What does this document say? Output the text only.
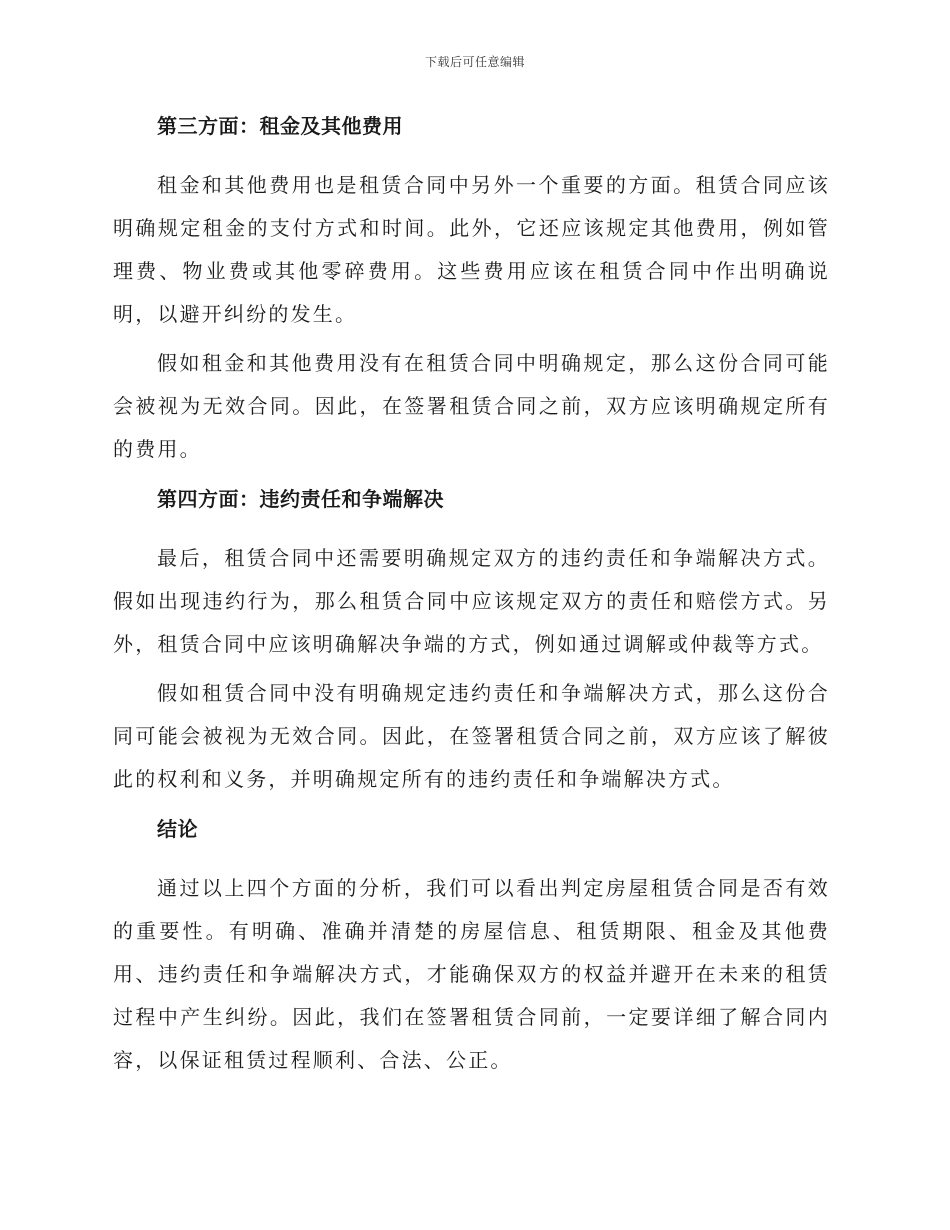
下载后可任意编辑
第三方面：租金及其他费用

租金和其他费用也是租赁合同中另外一个重要的方面。租赁合同应该明确规定租金的支付方式和时间。此外，它还应该规定其他费用，例如管理费、物业费或其他零碎费用。这些费用应该在租赁合同中作出明确说明，以避开纠纷的发生。

假如租金和其他费用没有在租赁合同中明确规定，那么这份合同可能会被视为无效合同。因此，在签署租赁合同之前，双方应该明确规定所有的费用。

第四方面：违约责任和争端解决

最后，租赁合同中还需要明确规定双方的违约责任和争端解决方式。假如出现违约行为，那么租赁合同中应该规定双方的责任和赔偿方式。另外，租赁合同中应该明确解决争端的方式，例如通过调解或仲裁等方式。

假如租赁合同中没有明确规定违约责任和争端解决方式，那么这份合同可能会被视为无效合同。因此，在签署租赁合同之前，双方应该了解彼此的权利和义务，并明确规定所有的违约责任和争端解决方式。

结论

通过以上四个方面的分析，我们可以看出判定房屋租赁合同是否有效的重要性。有明确、准确并清楚的房屋信息、租赁期限、租金及其他费用、违约责任和争端解决方式，才能确保双方的权益并避开在未来的租赁过程中产生纠纷。因此，我们在签署租赁合同前，一定要详细了解合同内容，以保证租赁过程顺利、合法、公正。
